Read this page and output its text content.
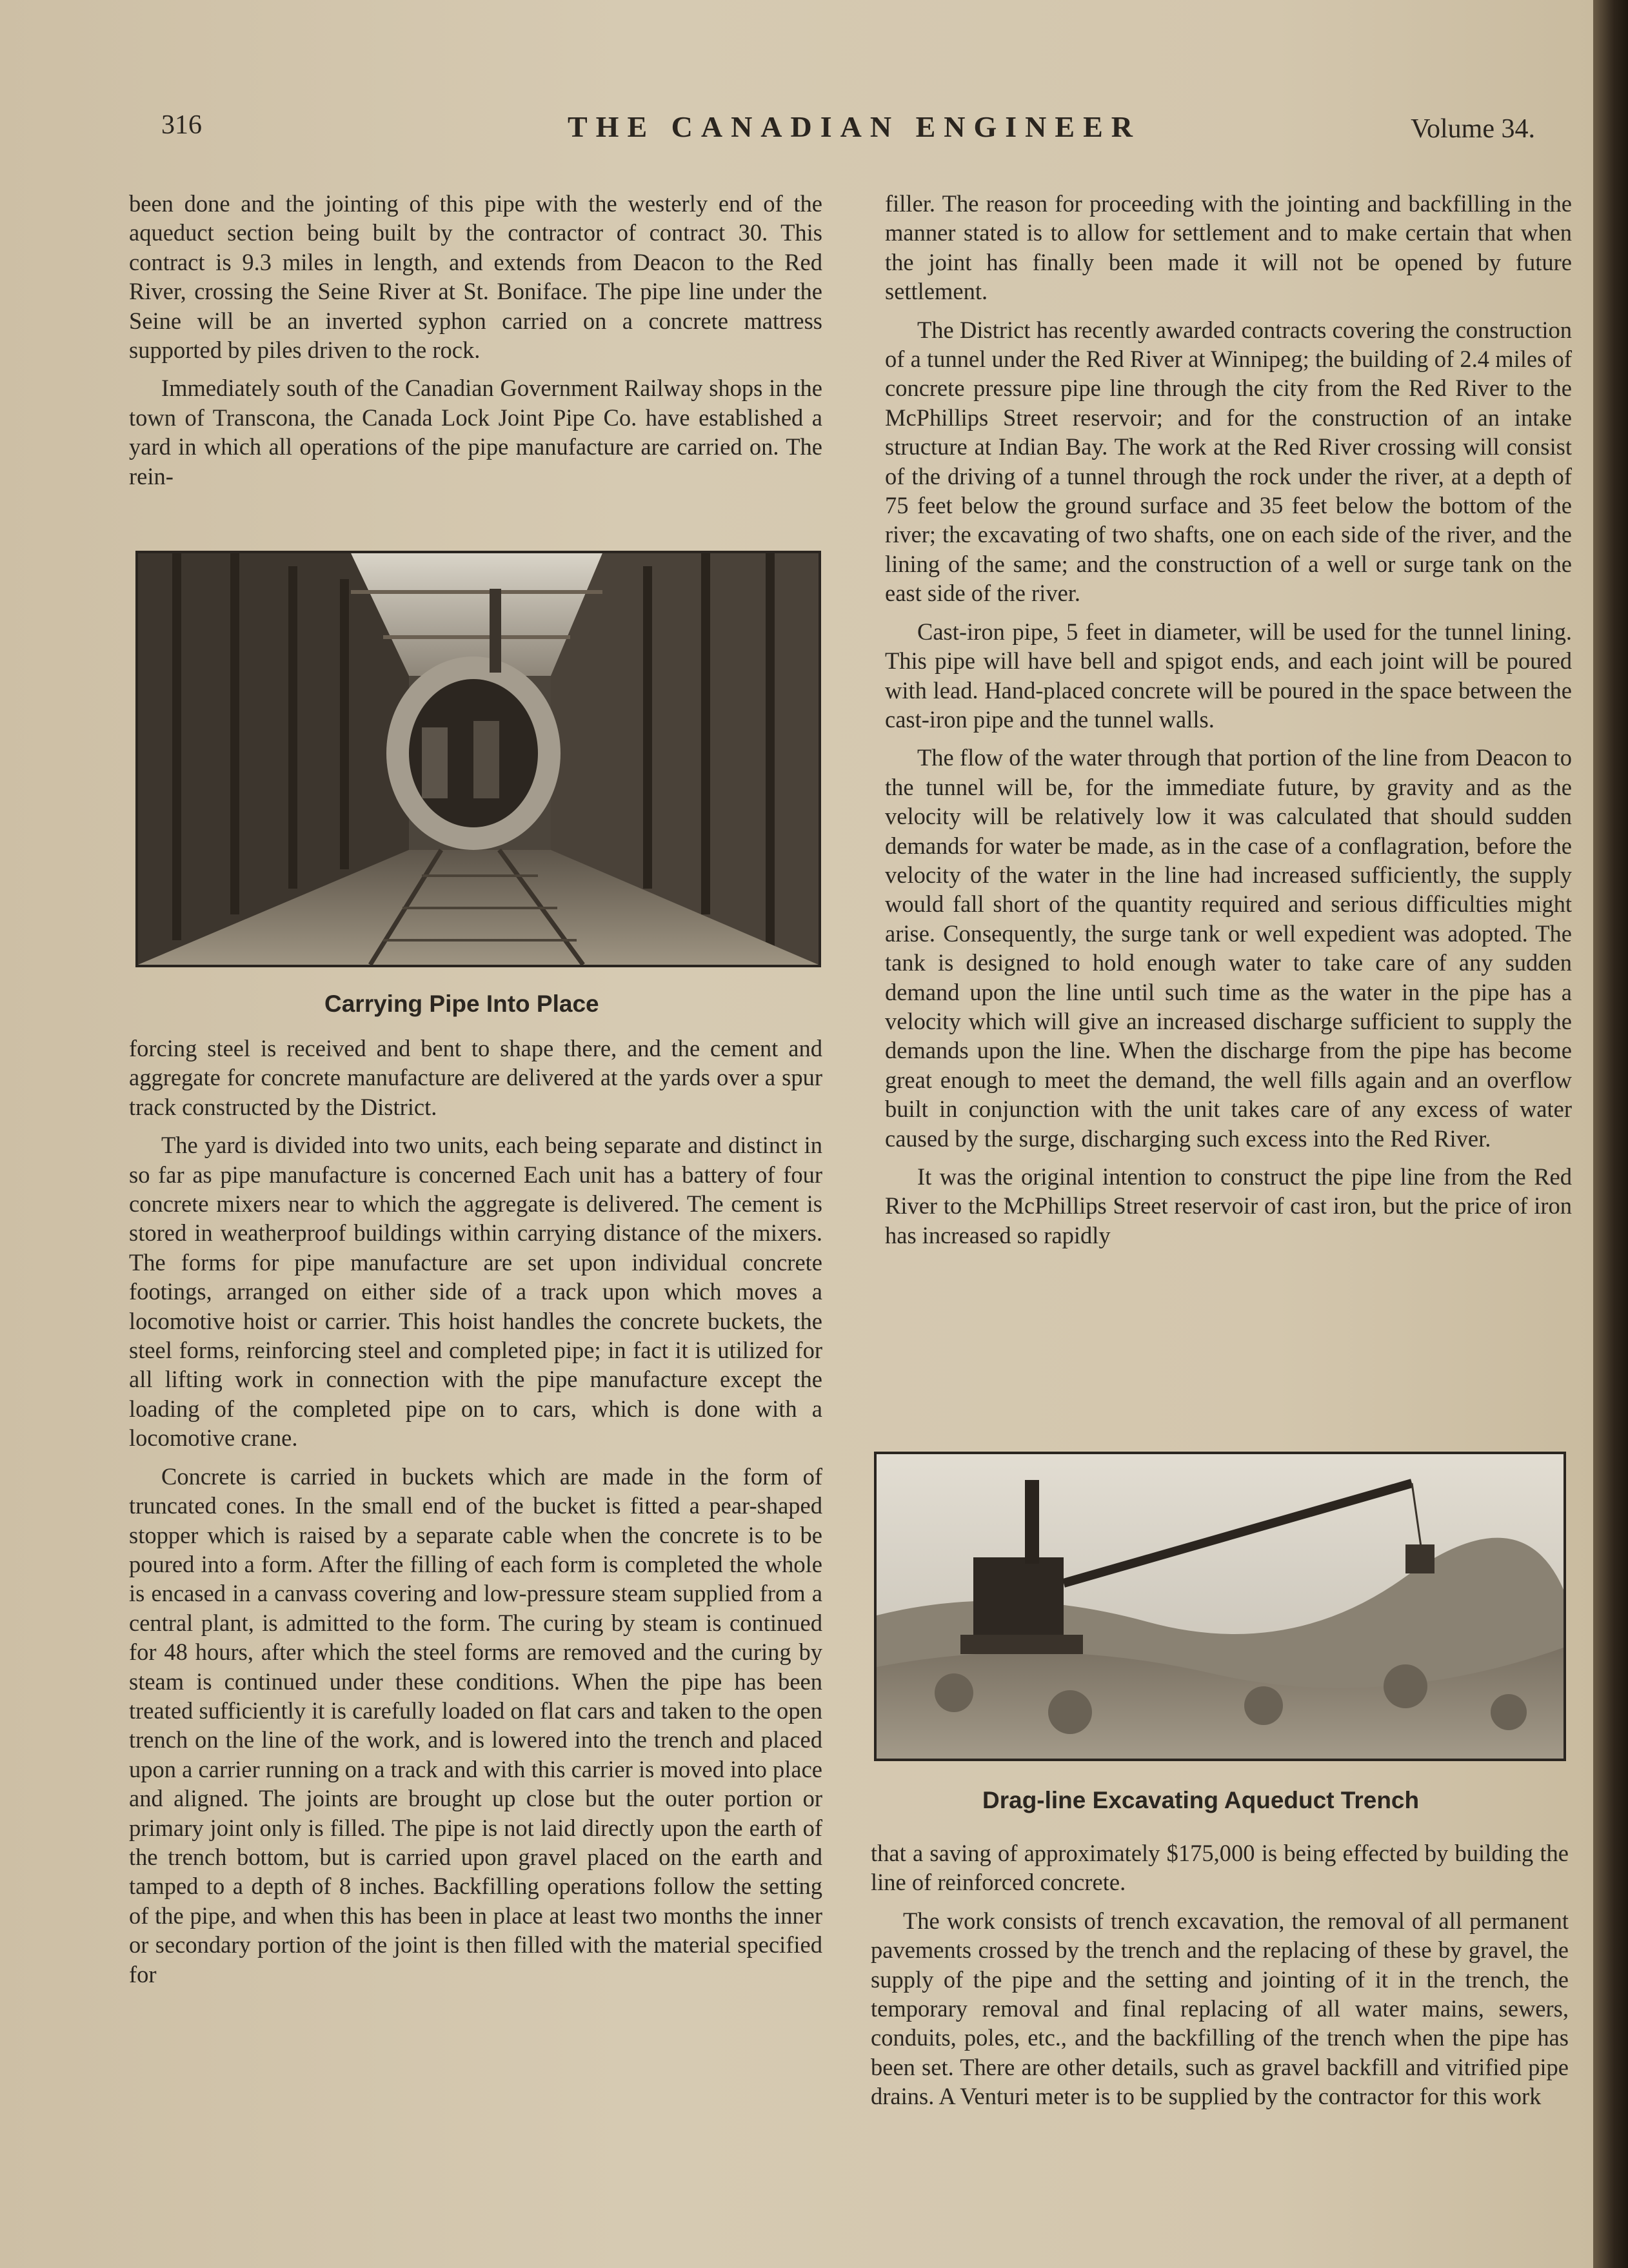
316	THE CANADIAN ENGINEER	Volume 34.

been done and the jointing of this pipe with the westerly end of the aqueduct section being built by the contractor of contract 30. This contract is 9.3 miles in length, and extends from Deacon to the Red River, crossing the Seine River at St. Boniface. The pipe line under the Seine will be an inverted syphon carried on a concrete mattress supported by piles driven to the rock.

Immediately south of the Canadian Government Railway shops in the town of Transcona, the Canada Lock Joint Pipe Co. have established a yard in which all operations of the pipe manufacture are carried on. The rein-

Carrying Pipe Into Place

forcing steel is received and bent to shape there, and the cement and aggregate for concrete manufacture are delivered at the yards over a spur track constructed by the District.

The yard is divided into two units, each being separate and distinct in so far as pipe manufacture is concerned Each unit has a battery of four concrete mixers near to which the aggregate is delivered. The cement is stored in weatherproof buildings within carrying distance of the mixers. The forms for pipe manufacture are set upon individual concrete footings, arranged on either side of a track upon which moves a locomotive hoist or carrier. This hoist handles the concrete buckets, the steel forms, reinforcing steel and completed pipe; in fact it is utilized for all lifting work in connection with the pipe manufacture except the loading of the completed pipe on to cars, which is done with a locomotive crane.

Concrete is carried in buckets which are made in the form of truncated cones. In the small end of the bucket is fitted a pear-shaped stopper which is raised by a separate cable when the concrete is to be poured into a form. After the filling of each form is completed the whole is encased in a canvass covering and low-pressure steam supplied from a central plant, is admitted to the form. The curing by steam is continued for 48 hours, after which the steel forms are removed and the curing by steam is continued under these conditions. When the pipe has been treated sufficiently it is carefully loaded on flat cars and taken to the open trench on the line of the work, and is lowered into the trench and placed upon a carrier running on a track and with this carrier is moved into place and aligned. The joints are brought up close but the outer portion or primary joint only is filled. The pipe is not laid directly upon the earth of the trench bottom, but is carried upon gravel placed on the earth and tamped to a depth of 8 inches. Backfilling operations follow the setting of the pipe, and when this has been in place at least two months the inner or secondary portion of the joint is then filled with the material specified for

filler. The reason for proceeding with the jointing and backfilling in the manner stated is to allow for settlement and to make certain that when the joint has finally been made it will not be opened by future settlement.

The District has recently awarded contracts covering the construction of a tunnel under the Red River at Winnipeg; the building of 2.4 miles of concrete pressure pipe line through the city from the Red River to the McPhillips Street reservoir; and for the construction of an intake structure at Indian Bay. The work at the Red River crossing will consist of the driving of a tunnel through the rock under the river, at a depth of 75 feet below the ground surface and 35 feet below the bottom of the river; the excavating of two shafts, one on each side of the river, and the lining of the same; and the construction of a well or surge tank on the east side of the river.

Cast-iron pipe, 5 feet in diameter, will be used for the tunnel lining. This pipe will have bell and spigot ends, and each joint will be poured with lead. Hand-placed concrete will be poured in the space between the cast-iron pipe and the tunnel walls.

The flow of the water through that portion of the line from Deacon to the tunnel will be, for the immediate future, by gravity and as the velocity will be relatively low it was calculated that should sudden demands for water be made, as in the case of a conflagration, before the velocity of the water in the line had increased sufficiently, the supply would fall short of the quantity required and serious difficulties might arise. Consequently, the surge tank or well expedient was adopted. The tank is designed to hold enough water to take care of any sudden demand upon the line until such time as the water in the pipe has a velocity which will give an increased discharge sufficient to supply the demands upon the line. When the discharge from the pipe has become great enough to meet the demand, the well fills again and an overflow built in conjunction with the unit takes care of any excess of water caused by the surge, discharging such excess into the Red River.

It was the original intention to construct the pipe line from the Red River to the McPhillips Street reservoir of cast iron, but the price of iron has increased so rapidly

Drag-line Excavating Aqueduct Trench

that a saving of approximately $175,000 is being effected by building the line of reinforced concrete.

The work consists of trench excavation, the removal of all permanent pavements crossed by the trench and the replacing of these by gravel, the supply of the pipe and the setting and jointing of it in the trench, the temporary removal and final replacing of all water mains, sewers, conduits, poles, etc., and the backfilling of the trench when the pipe has been set. There are other details, such as gravel backfill and vitrified pipe drains. A Venturi meter is to be supplied by the contractor for this work
